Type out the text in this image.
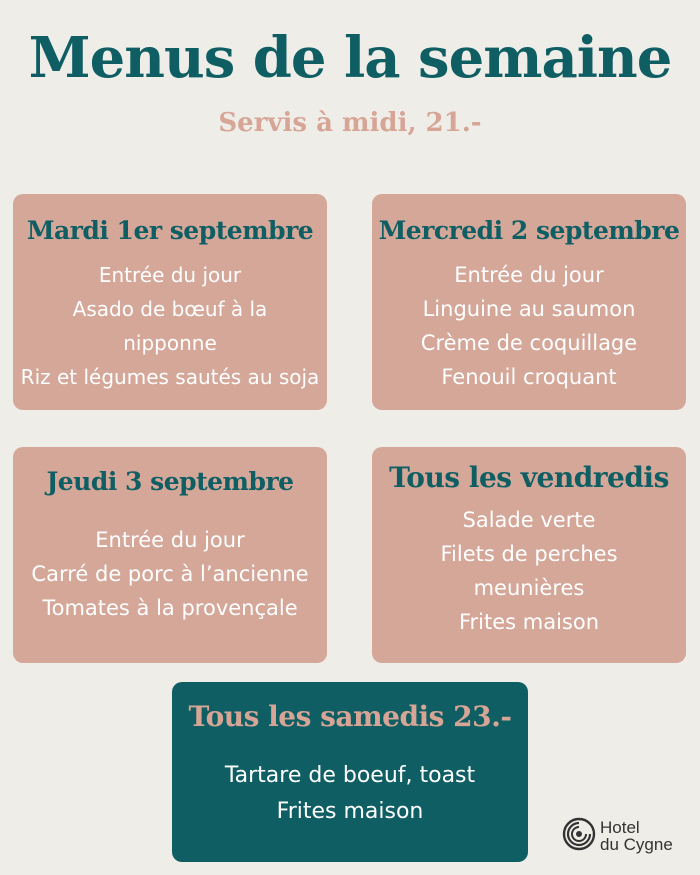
Menus de la semaine
Servis à midi, 21.-
Mardi 1er septembre
Entrée du jour
Asado de bœuf à la
nipponne
Riz et légumes sautés au soja
Mercredi 2 septembre
Entrée du jour
Linguine au saumon
Crème de coquillage
Fenouil croquant
Jeudi 3 septembre
Entrée du jour
Carré de porc à l’ancienne
Tomates à la provençale
Tous les vendredis
Salade verte
Filets de perches
meunières
Frites maison
Tous les samedis 23.-
Tartare de boeuf, toast
Frites maison
Hotel
du Cygne
